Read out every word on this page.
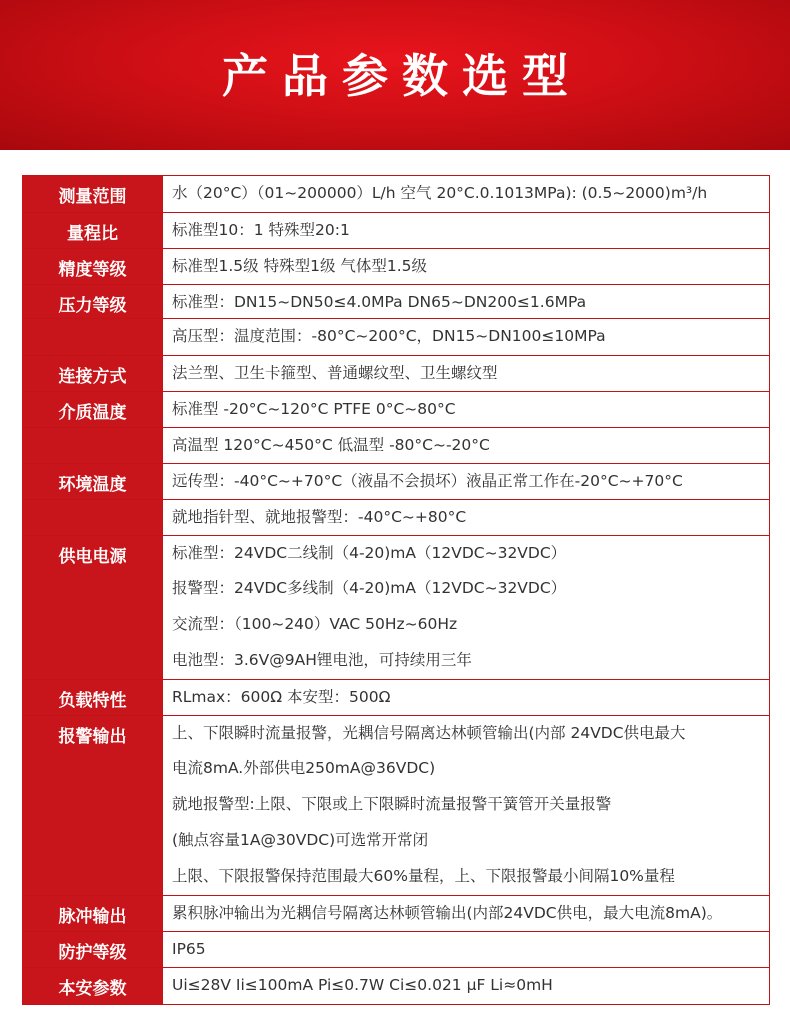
产品参数选型
测量范围	水（20°C）（01~200000）L/h 空气 20°C.0.1013MPa): (0.5~2000)m³/h
量程比	标准型10：1 特殊型20:1
精度等级	标准型1.5级 特殊型1级 气体型1.5级
压力等级	标准型：DN15~DN50≤4.0MPa DN65~DN200≤1.6MPa
高压型：温度范围：-80°C~200°C，DN15~DN100≤10MPa
连接方式	法兰型、卫生卡箍型、普通螺纹型、卫生螺纹型
介质温度	标准型 -20°C~120°C PTFE 0°C~80°C
高温型 120°C~450°C 低温型 -80°C~-20°C
环境温度	远传型：-40°C~+70°C（液晶不会损坏）液晶正常工作在-20°C~+70°C
就地指针型、就地报警型：-40°C~+80°C
供电电源	标准型：24VDC二线制（4-20)mA（12VDC~32VDC）
报警型：24VDC多线制（4-20)mA（12VDC~32VDC）
交流型：（100~240）VAC 50Hz~60Hz
电池型：3.6V@9AH锂电池，可持续用三年
负载特性	RLmax：600Ω 本安型：500Ω
报警输出	上、下限瞬时流量报警，光耦信号隔离达林顿管输出(内部 24VDC供电最大
电流8mA.外部供电250mA@36VDC)
就地报警型:上限、下限或上下限瞬时流量报警干簧管开关量报警
(触点容量1A@30VDC)可选常开常闭
上限、下限报警保持范围最大60%量程，上、下限报警最小间隔10%量程
脉冲输出	累积脉冲输出为光耦信号隔离达林顿管输出(内部24VDC供电，最大电流8mA)。
防护等级	IP65
本安参数	Ui≤28V Ii≤100mA Pi≤0.7W Ci≤0.021 µF Li≈0mH
